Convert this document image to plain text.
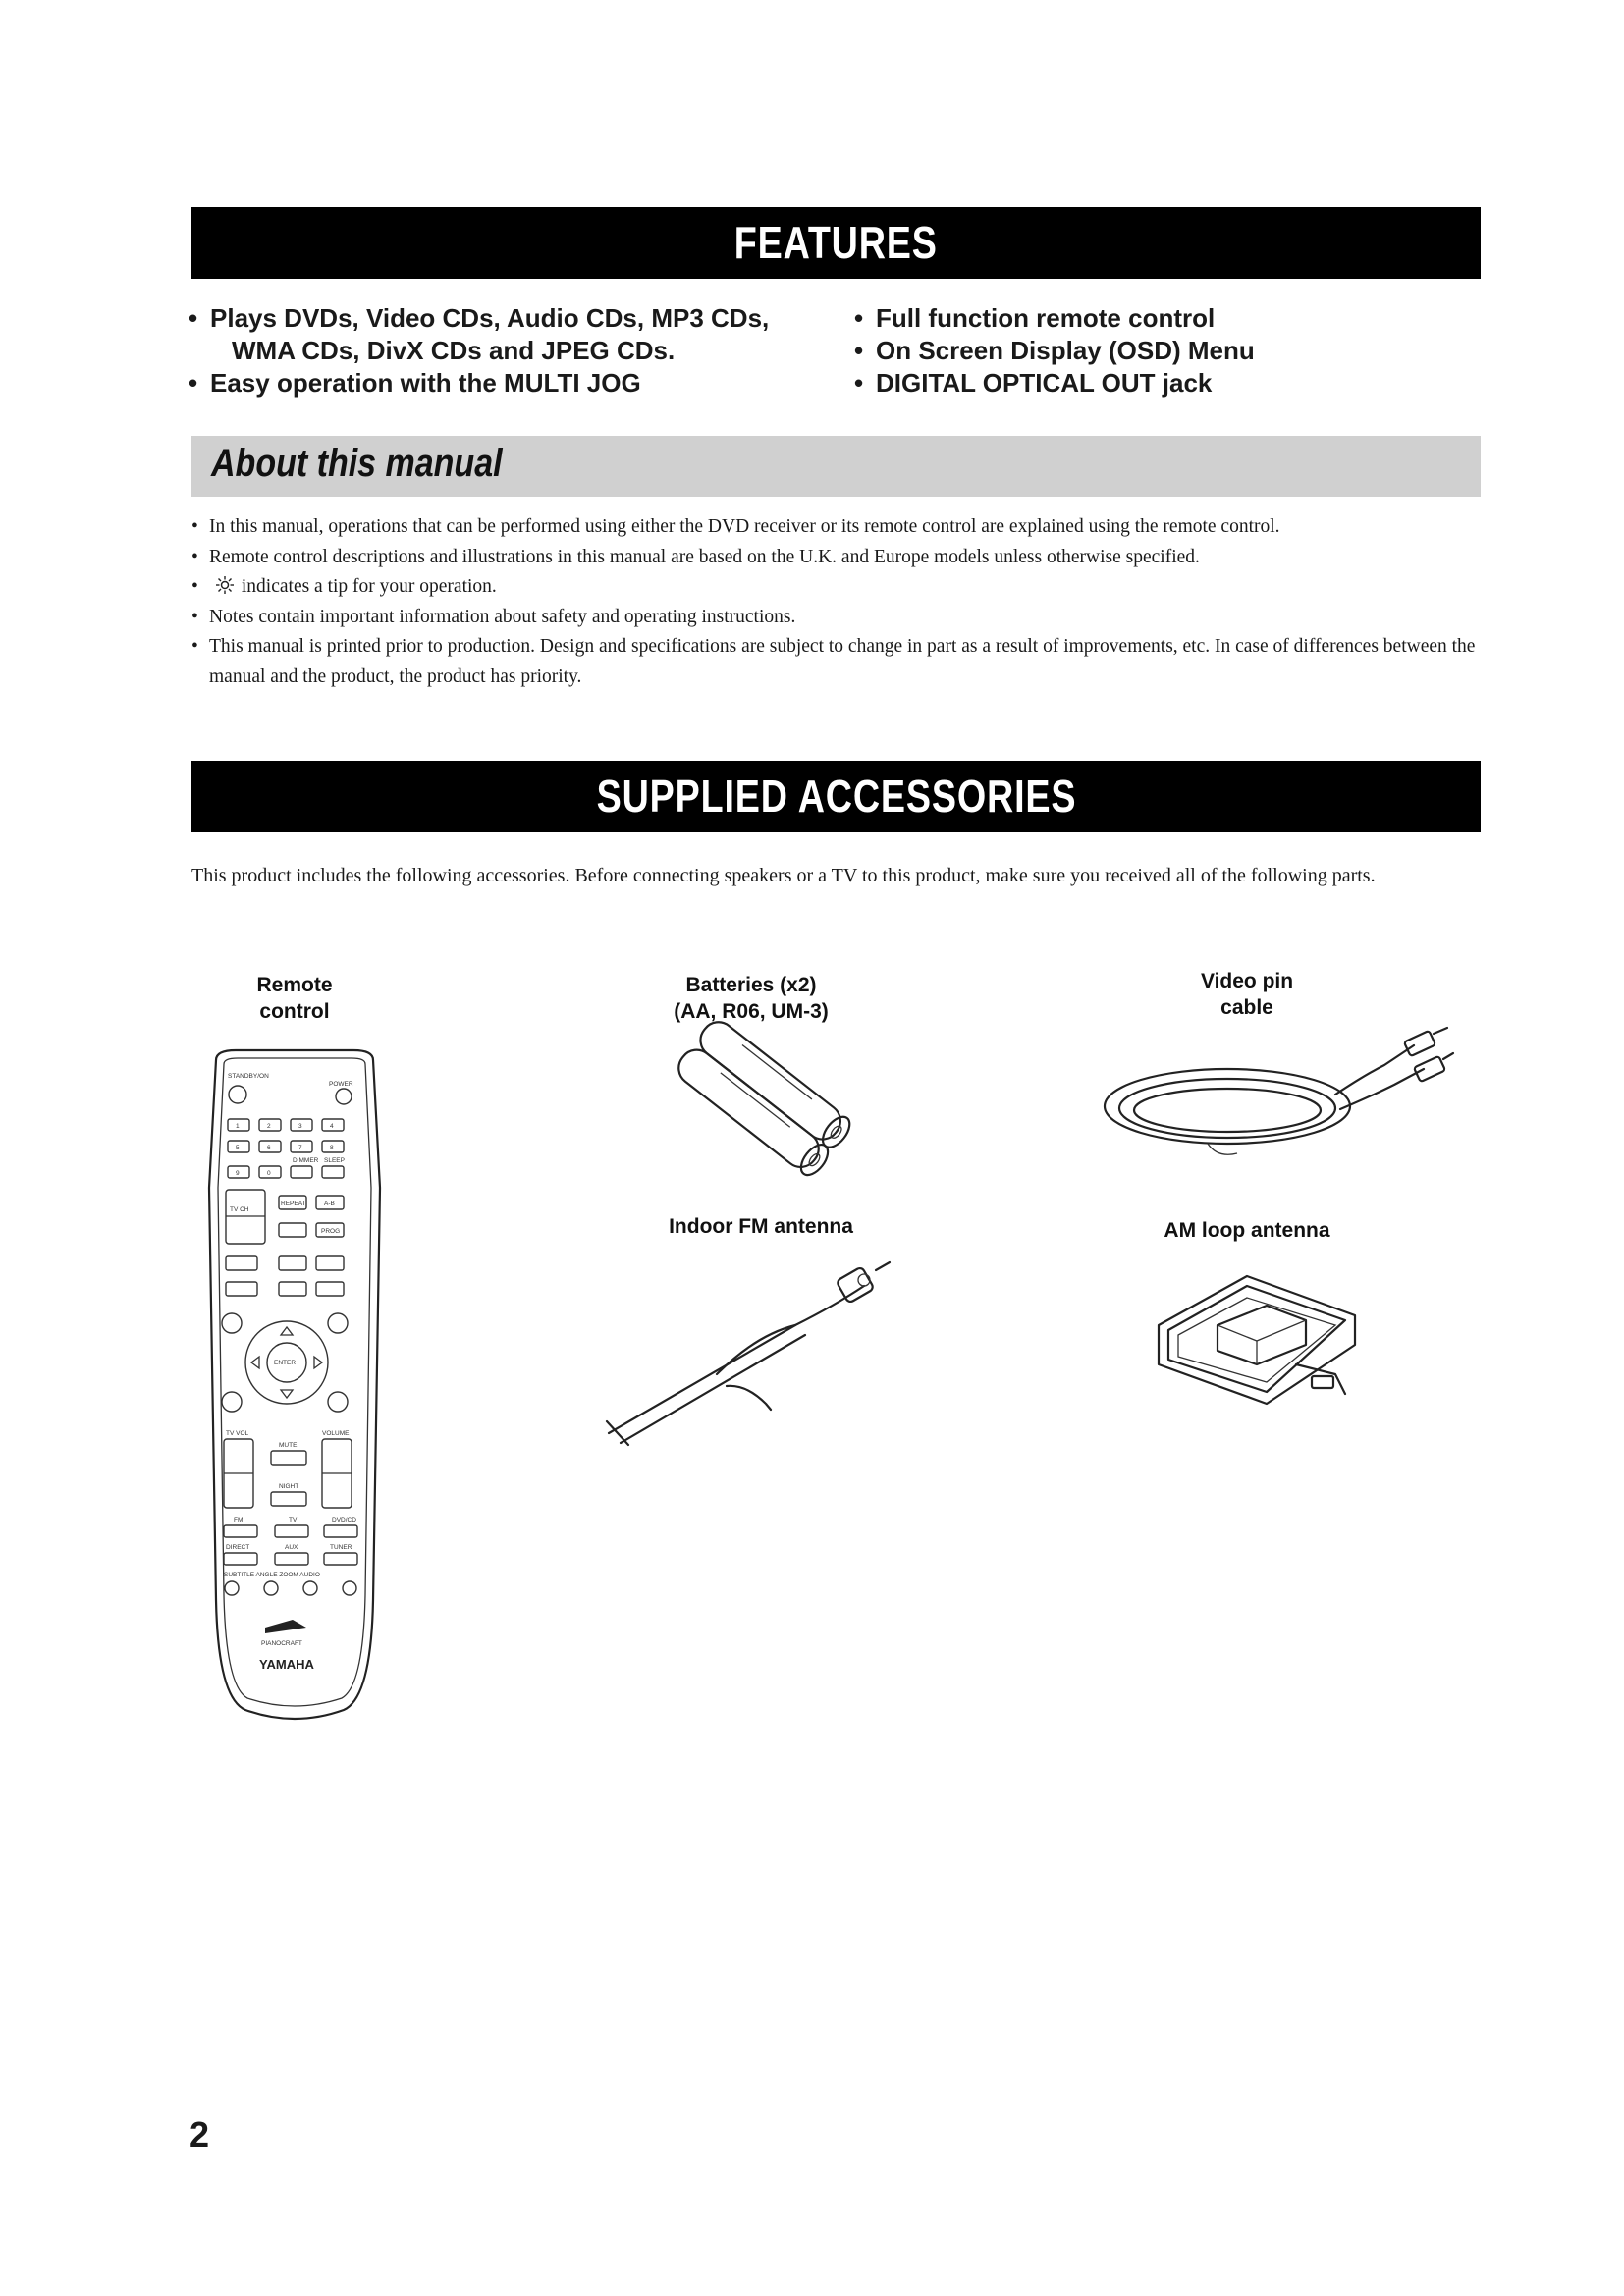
FEATURES
• Plays DVDs, Video CDs, Audio CDs, MP3 CDs,
WMA CDs, DivX CDs and JPEG CDs.
• Easy operation with the MULTI JOG
• Full function remote control
• On Screen Display (OSD) Menu
• DIGITAL OPTICAL OUT jack
About this manual
• In this manual, operations that can be performed using either the DVD receiver or its remote control are explained using the remote control.
• Remote control descriptions and illustrations in this manual are based on the U.K. and Europe models unless otherwise specified.
• indicates a tip for your operation.
• Notes contain important information about safety and operating instructions.
• This manual is printed prior to production. Design and specifications are subject to change in part as a result of improvements, etc. In case of differences between the manual and the product, the product has priority.
SUPPLIED ACCESSORIES
This product includes the following accessories. Before connecting speakers or a TV to this product, make sure you received all of the following parts.
Remote
control
Batteries (x2)
(AA, R06, UM-3)
Video pin
cable
Indoor FM antenna	AM loop antenna
STANDBY/ON
POWER
1	2	3	4
5	6	7	8
9	0
DIMMER SLEEP
TV CH
REPEAT	A-B
PROG
ENTER
TV VOL	VOLUME
MUTE
NIGHT
FM	TV	DVD/CD
DIRECT	AUX	TUNER
SUBTITLE ANGLE ZOOM AUDIO
PIANOCRAFT
YAMAHA
2
